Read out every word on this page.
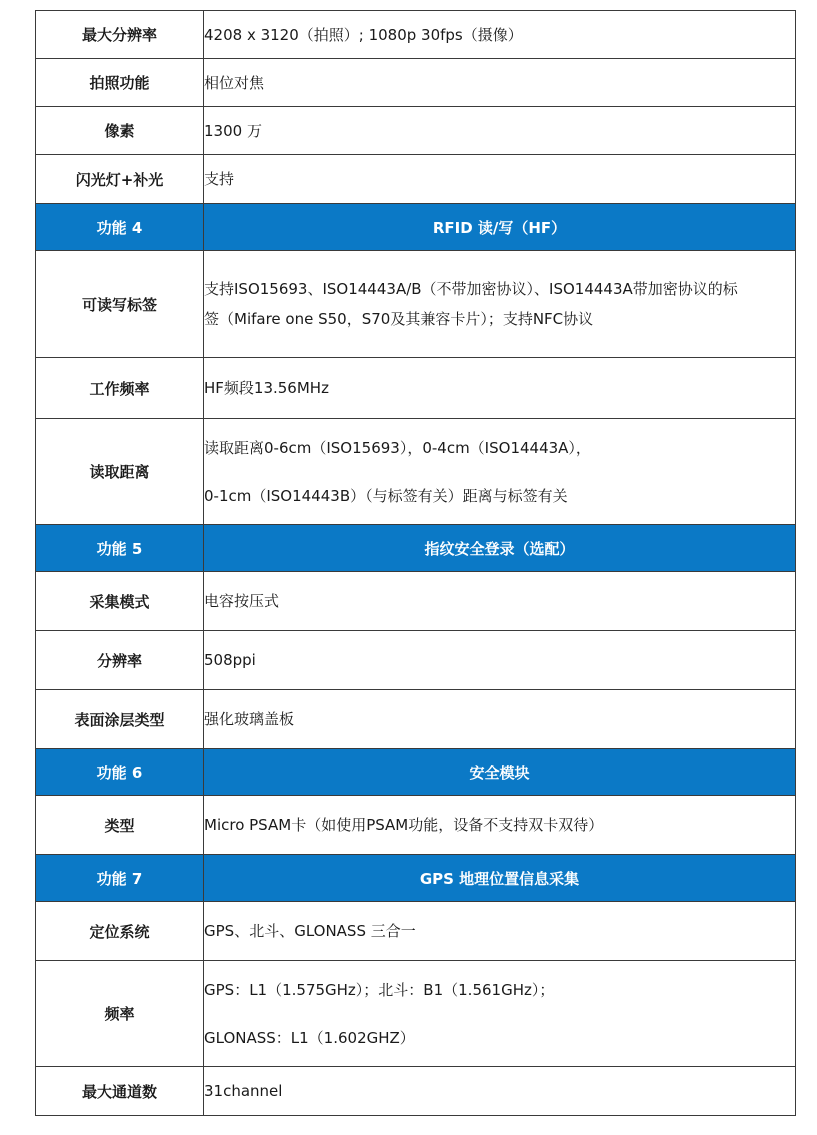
最大分辨率	4208 x 3120（拍照）; 1080p 30fps（摄像）

拍照功能	相位对焦

像素	1300 万

闪光灯+补光	支持

功能 4	RFID 读/写（HF）
可读写标签	支持ISO15693、ISO14443A/B（不带加密协议）、ISO14443A带加密协议的标
签（Mifare one S50，S70及其兼容卡片）；支持NFC协议

工作频率	HF频段13.56MHz

读取距离	读取距离0-6cm（ISO15693），0-4cm（ISO14443A），
0-1cm（ISO14443B）（与标签有关）距离与标签有关

功能 5	指纹安全登录（选配）
采集模式	电容按压式

分辨率	508ppi

表面涂层类型	强化玻璃盖板

功能 6	安全模块
类型	Micro PSAM卡（如使用PSAM功能，设备不支持双卡双待）

功能 7	GPS 地理位置信息采集
定位系统	GPS、北斗、GLONASS 三合一

频率	GPS：L1（1.575GHz）；北斗：B1（1.561GHz）；
GLONASS：L1（1.602GHZ）

最大通道数	31channel
